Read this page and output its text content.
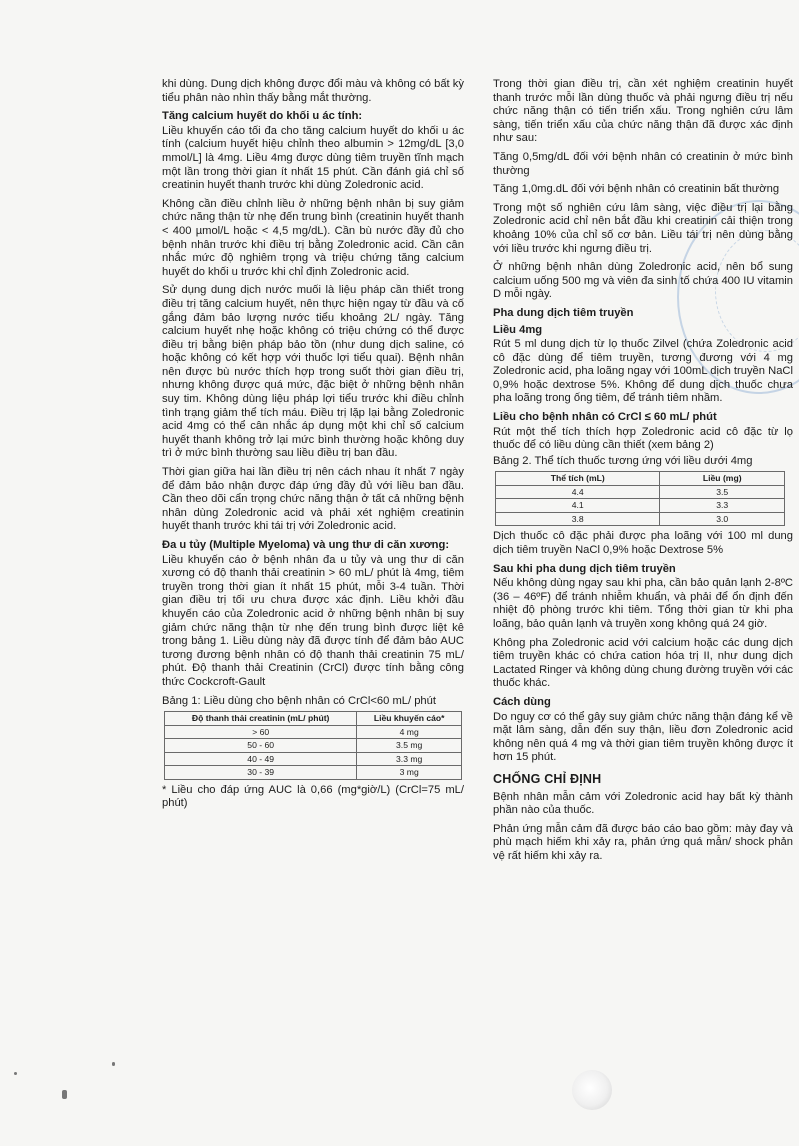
khi dùng. Dung dịch không được đổi màu và không có bất kỳ tiểu phân nào nhìn thấy bằng mắt thường.

Tăng calcium huyết do khối u ác tính:

Liều khuyến cáo tối đa cho tăng calcium huyết do khối u ác tính (calcium huyết hiệu chỉnh theo albumin > 12mg/dL [3,0 mmol/L] là 4mg. Liều 4mg được dùng tiêm truyền tĩnh mạch một lần trong thời gian ít nhất 15 phút. Cần đánh giá chỉ số creatinin huyết thanh trước khi dùng Zoledronic acid.

Không cần điều chỉnh liều ở những bệnh nhân bị suy giảm chức năng thận từ nhẹ đến trung bình (creatinin huyết thanh < 400 µmol/L hoặc < 4,5 mg/dL). Cần bù nước đầy đủ cho bệnh nhân trước khi điều trị bằng Zoledronic acid. Cần cân nhắc mức độ nghiêm trọng và triệu chứng tăng calcium huyết do khối u trước khi chỉ định Zoledronic acid.

Sử dụng dung dịch nước muối là liệu pháp cần thiết trong điều trị tăng calcium huyết, nên thực hiện ngay từ đầu và cố gắng đảm bảo lượng nước tiểu khoảng 2L/ ngày. Tăng calcium huyết nhẹ hoặc không có triệu chứng có thể được điều trị bằng biện pháp bảo tồn (như dung dịch saline, có hoặc không có kết hợp với thuốc lợi tiểu quai). Bệnh nhân nên được bù nước thích hợp trong suốt thời gian điều trị, nhưng không được quá mức, đặc biệt ở những bệnh nhân suy tim. Không dùng liệu pháp lợi tiểu trước khi điều chỉnh tình trạng giảm thể tích máu. Điều trị lặp lại bằng Zoledronic acid 4mg có thể cân nhắc áp dụng một khi chỉ số calcium huyết thanh không trở lại mức bình thường hoặc không duy trì ở mức bình thường sau liều điều trị ban đầu.

Thời gian giữa hai lần điều trị nên cách nhau ít nhất 7 ngày để đảm bảo nhận được đáp ứng đầy đủ với liều ban đầu. Cần theo dõi cẩn trọng chức năng thận ở tất cả những bệnh nhân dùng Zoledronic acid và phải xét nghiệm creatinin huyết thanh trước khi tái trị với Zoledronic acid.

Đa u tủy (Multiple Myeloma) và ung thư di căn xương:

Liều khuyến cáo ở bệnh nhân đa u tủy và ung thư di căn xương có độ thanh thải creatinin > 60 mL/ phút là 4mg, tiêm truyền trong thời gian ít nhất 15 phút, mỗi 3-4 tuần. Thời gian điều trị tối ưu chưa được xác định. Liều khởi đầu khuyến cáo của Zoledronic acid ở những bệnh nhân bị suy giảm chức năng thận từ nhẹ đến trung bình được liệt kê trong bảng 1. Liều dùng này đã được tính để đảm bảo AUC tương đương bệnh nhân có độ thanh thải creatinin 75 mL/ phút. Độ thanh thải Creatinin (CrCl) được tính bằng công thức Cockcroft-Gault

Bảng 1: Liều dùng cho bệnh nhân có CrCl<60 mL/ phút

Độ thanh thải creatinin (mL/ phút)	Liều khuyến cáo*
> 60	4 mg
50 - 60	3.5 mg
40 - 49	3.3 mg
30 - 39	3 mg

* Liều cho đáp ứng AUC là 0,66 (mg*giờ/L) (CrCl=75 mL/ phút)

Trong thời gian điều trị, cần xét nghiệm creatinin huyết thanh trước mỗi lần dùng thuốc và phải ngưng điều trị nếu chức năng thận có tiến triển xấu. Trong nghiên cứu lâm sàng, tiến triển xấu của chức năng thận đã được xác định như sau:

Tăng 0,5mg/dL đối với bệnh nhân có creatinin ở mức bình thường

Tăng 1,0mg.dL đối với bệnh nhân có creatinin bất thường

Trong một số nghiên cứu lâm sàng, việc điều trị lại bằng Zoledronic acid chỉ nên bắt đầu khi creatinin cải thiện trong khoảng 10% của chỉ số cơ bản. Liều tái trị nên dùng bằng với liều trước khi ngưng điều trị.

Ở những bệnh nhân dùng Zoledronic acid, nên bổ sung calcium uống 500 mg và viên đa sinh tố chứa 400 IU vitamin D mỗi ngày.

Pha dung dịch tiêm truyền
Liều 4mg

Rút 5 ml dung dịch từ lọ thuốc Zilvel (chứa Zoledronic acid cô đặc dùng để tiêm truyền, tương đương với 4 mg Zoledronic acid, pha loãng ngay với 100mL dịch truyền NaCl 0,9% hoặc dextrose 5%. Không để dung dịch thuốc chưa pha loãng trong ống tiêm, để tránh tiêm nhầm.

Liều cho bệnh nhân có CrCl ≤ 60 mL/ phút

Rút một thể tích thích hợp Zoledronic acid cô đặc từ lọ thuốc để có liều dùng cần thiết (xem bảng 2)

Bảng 2. Thể tích thuốc tương ứng với liều dưới 4mg

Thể tích (mL)	Liều (mg)
4.4	3.5
4.1	3.3
3.8	3.0

Dịch thuốc cô đặc phải được pha loãng với 100 ml dung dịch tiêm truyền NaCl 0,9% hoặc Dextrose 5%

Sau khi pha dung dịch tiêm truyền

Nếu không dùng ngay sau khi pha, cần bảo quản lạnh 2-8ºC (36 – 46ºF) để tránh nhiễm khuẩn, và phải để ổn định đến nhiệt độ phòng trước khi tiêm. Tổng thời gian từ khi pha loãng, bảo quản lạnh và truyền xong không quá 24 giờ.

Không pha Zoledronic acid với calcium hoặc các dung dịch tiêm truyền khác có chứa cation hóa trị II, như dung dịch Lactated Ringer và không dùng chung đường truyền với các thuốc khác.

Cách dùng

Do nguy cơ có thể gây suy giảm chức năng thận đáng kể về mặt lâm sàng, dẫn đến suy thận, liều đơn Zoledronic acid không nên quá 4 mg và thời gian tiêm truyền không được ít hơn 15 phút.

CHỐNG CHỈ ĐỊNH

Bệnh nhân mẫn cảm với Zoledronic acid hay bất kỳ thành phần nào của thuốc.

Phản ứng mẫn cảm đã được báo cáo bao gồm: mày đay và phù mạch hiếm khi xảy ra, phản ứng quá mẫn/ shock phản vệ rất hiếm khi xảy ra.
